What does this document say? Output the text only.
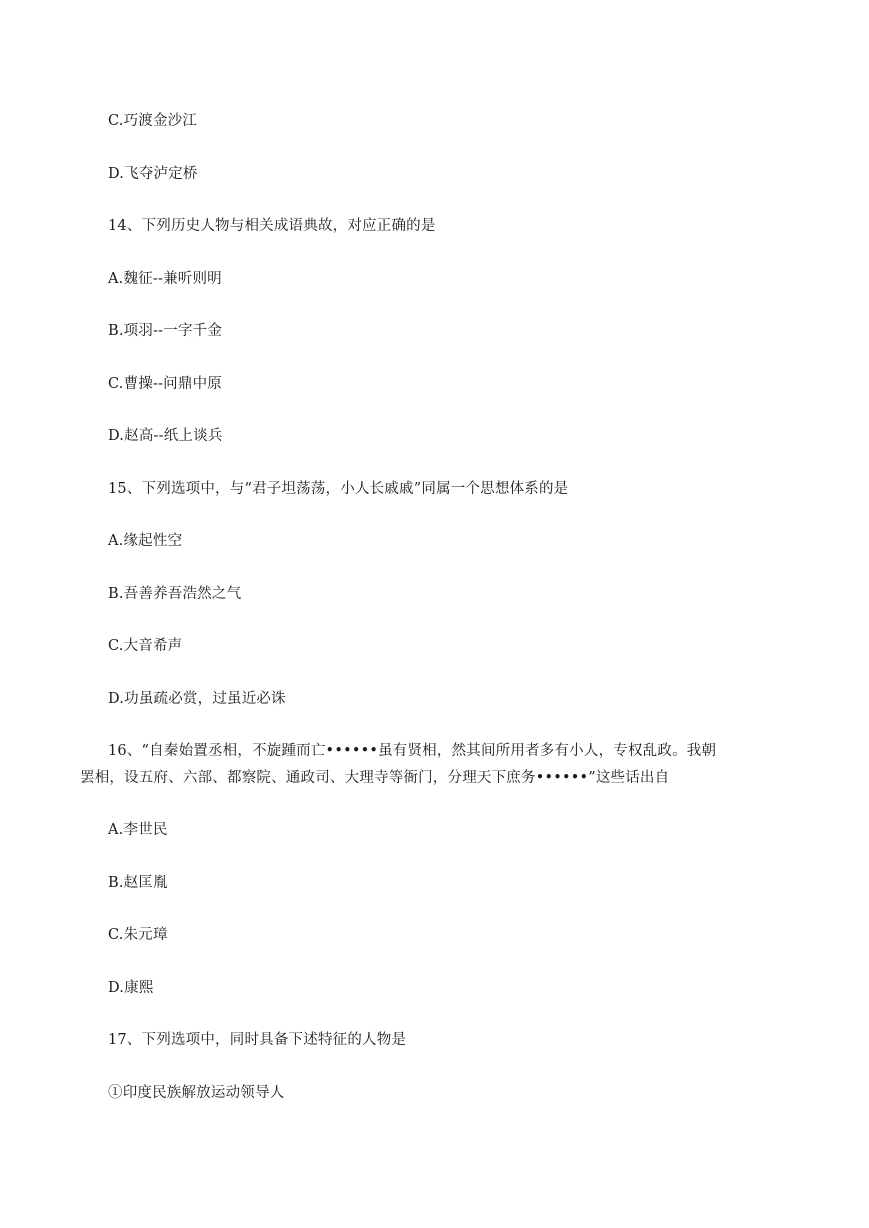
C.巧渡金沙江
D.飞夺泸定桥
14、下列历史人物与相关成语典故，对应正确的是
A.魏征--兼听则明
B.项羽--一字千金
C.曹操--问鼎中原
D.赵高--纸上谈兵
15、下列选项中，与“君子坦荡荡，小人长戚戚”同属一个思想体系的是
A.缘起性空
B.吾善养吾浩然之气
C.大音希声
D.功虽疏必赏，过虽近必诛
16、“自秦始置丞相，不旋踵而亡••••••虽有贤相，然其间所用者多有小人，专权乱政。我朝
罢相，设五府、六部、都察院、通政司、大理寺等衙门，分理天下庶务••••••”这些话出自
A.李世民
B.赵匡胤
C.朱元璋
D.康熙
17、下列选项中，同时具备下述特征的人物是
①印度民族解放运动领导人
